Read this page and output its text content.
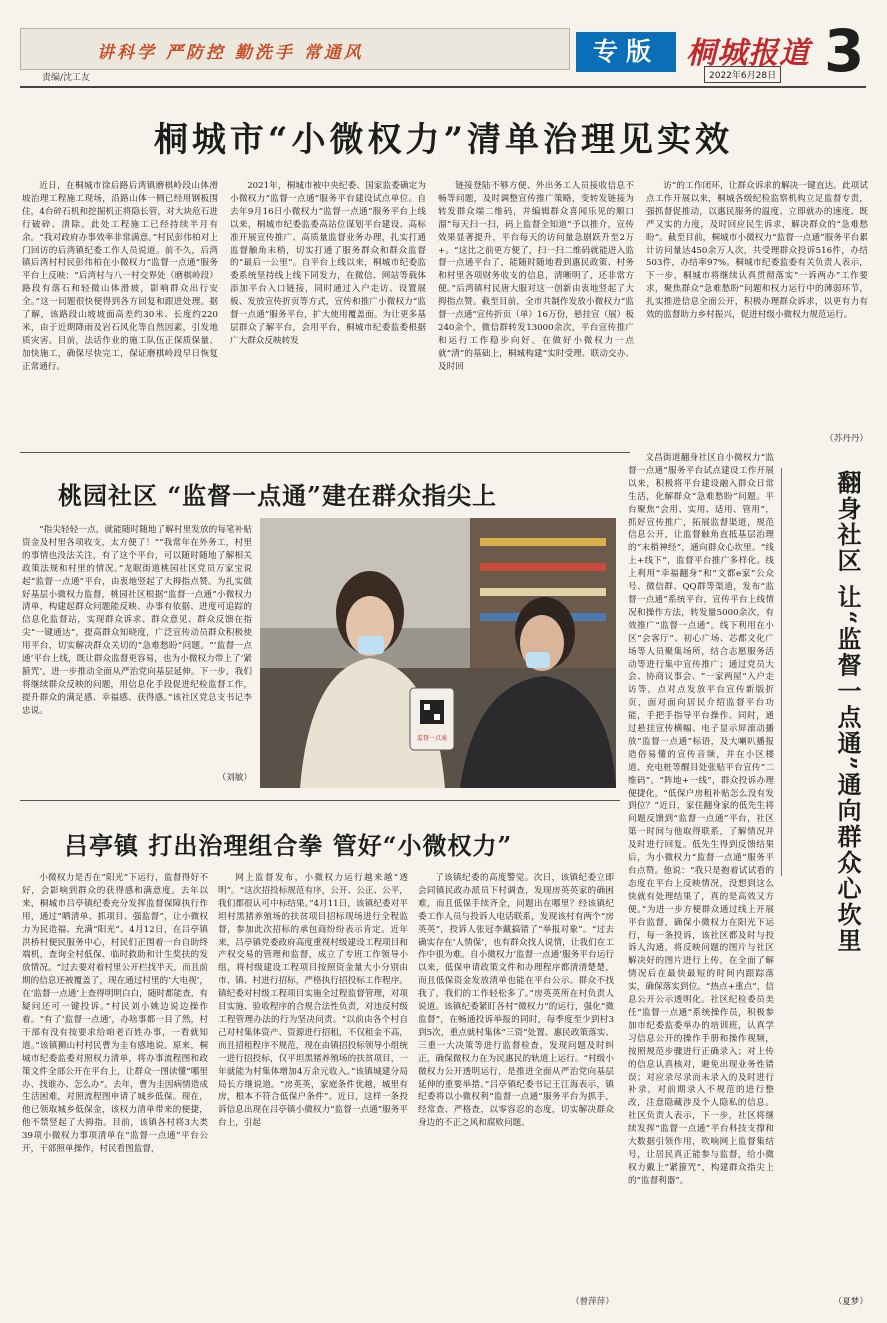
讲科学 严防控 勤洗手 常通风
责编/沈工友
专版 桐城报道
2022年6月28日 3
桐城市“小微权力”清单治理见实效
近日，在桐城市徐后路后湾镇磨棋岭段山体滑坡治理工程施工现场，沿路山体一侧已经用钢板围住，4台碎石机和挖掘机正将隐长管，对大块危石进行破碎、清除。此处工程施工已经持续半月有余。“我对政府办事效率非常满意。”村民彭伟柏对上门回访的后湾镇纪委工作人员说道。前不久，后湾镇后湾村村民彭伟柏在小微权力“监督一点通”服务平台上反映：“后湾村与八一村交界处（磨棋岭段）路段有落石和轻微山体滑坡，影响群众出行安全。”这一问题很快便得到各方回复和跟进处理。据了解，该路段山坡坡面高差约30米、长度约220米，由于近期降雨及岩石风化等自然因素，引发地质灾害。目前，法话作业的施工队伍正保质保量、加快施工，确保尽快完工，保证磨棋岭段早日恢复正常通行。
2021年，桐城市被中央纪委、国家监委确定为小微权力“监督一点通”服务平台建设试点单位。自去年9月16日小微权力“监督一点通”服务平台上线以来，桐城市纪委监委高站位谋划平台建设、高标准开展宣传推广、高质量监督业务办理，扎实打通监督触角末梢，切实打通了服务群众和群众监督的“最后一公里”。自平台上线以来，桐城市纪委监委系统坚持线上线下同发力，在微信、网站等载体添加平台入口链接，同时通过入户走访、设置展板、发放宣传折页等方式，宣传和推广小微权力“监督一点通”服务平台，扩大使用覆盖面。为让更多基层群众了解平台，会用平台，桐城市纪委监委根据广大群众反映转发
链接登陆不够方便、外出务工人员接收信息不畅等问题，及时调整宣传推广策略，变转发链接为转发群众端二维码，并编辑群众喜闻乐见的顺口溜“每天扫一扫，码上监督全知道”予以推介，宣传效果显著提升，平台每天的访问量急剧跃升至2万+。“这比之前更方便了，扫一扫二维码就能进入监督一点通平台了，能随时随地看到惠民政策、村务和村里各项财务收支的信息，清晰明了，还非常方便。”后湾镇村民唐大服对这一创新由衷地竖起了大拇指点赞。截至目前，全市共制作发放小微权力“监督一点通”宣传折页（单）16万份，悬挂宣（展）板240余个，微信群转发13000余次，平台宣传推广和运行工作稳步向好。在做好小微权力一点就“清”的基础上，桐城构建“实时受理、联动交办、及时回
访”的工作闭环，让群众诉求的解决一键直达。此项试点工作开展以来，桐城各级纪检监察机构立足监督专责，强抓督促推动，以惠民服务的温度、立即就办的速度、既严又实的力度，及时回应民生诉求，解决群众的“急难愁盼”。截至目前，桐城市小微权力“监督一点通”服务平台累计访问量达450余万人次，共受理群众投诉516件，办结503件，办结率97%。桐城市纪委监委有关负责人表示，下一步，桐城市将继续认真贯彻落实“一诉两办”工作要求，聚焦群众“急难愁盼”问题和权力运行中的薄弱环节，扎实推进信息全面公开，积极办理群众诉求，以更有力有效的监督助力乡村振兴，促进村级小微权力规范运行。
（苏丹丹）
桃园社区 “监督一点通”建在群众指尖上
“指尖轻轻一点，就能随时随地了解村里发放的每笔补贴资金及村里各项收支，太方便了！”“我常年在外务工，村里的事情也没法关注，有了这个平台，可以随时随地了解相关政策法规和村里的情况。”龙眠街道桃园社区党员万家宝说起“监督一点通”平台，由衷地竖起了大拇指点赞。为扎实做好基层小微权力监督，桃园社区根据“监督一点通”小微权力清单，构建起群众问题能反映、办事有依据、进度可追踪的信息化监督站，实现群众诉求、群众意见、群众反馈在指尖“一键通达”，提高群众知晓度，广泛宣传动员群众积极使用平台，切实解决群众关切的“急难愁盼”问题。“‘监督一点通’平台上线，既让群众监督更容易，也为小微权力带上了‘紧箍咒’，进一步推动全面从严治党向基层延伸。下一步，我们将继续群众反映的问题，用信息化手段促进纪检监督工作，提升群众的满足感、幸福感、获得感。”该社区党总支书记李忠说。
（刘敏）
监督一点通
文昌街道翻身社区自小微权力“监督一点通”服务平台试点建设工作开展以来，积极将平台建设融入群众日常生活，化解群众“急难愁盼”问题。平台聚焦“会用、实用、适用、管用”，抓好宣传推广，拓展监督渠道，规范信息公开，让监督触角直抵基层治理的“末梢神经”，通向群众心坎里。“线上+线下”，监督平台推广多样化。线上利用“幸福翻身”和“文都e家”公众号、微信群、QQ群等渠道，发布“监督一点通”系统平台，宣传平台上线情况和操作方法，转发量5000余次，有效推广“监督一点通”。线下利用在小区“会客厅”、初心广场、芯都文化广场等人员聚集场所，结合志愿服务活动等进行集中宣传推广；通过党员大会、协商议事会、“一家两屋”入户走访等，点对点发放平台宣传新版折页，面对面向居民介绍监督平台功能，手把手指导平台操作。同时，通过悬挂宣传横幅、电子显示屏滚动播放“监督一点通”标语，及大喇叭播报造俗易懂的宣传音频，并在小区楼道、充电桩等醒目处张贴平台宣传“二维码”。“阵地+一线”，群众投诉办理便捷化。“低保户房租补贴怎么没有发到位？”近日，家住翻身家的低先生将问题反馈到“监督一点通”平台，社区第一时间与他取得联系，了解情况并及时进行回复。低先生得到反馈结果后，为小微权力“监督一点通”服务平台点赞。他说：“我只是抱着试试看的态度在平台上反映情况，没想到这么快就有处理结果了，真的是高效又方便。”为进一步方便群众通过线上开展平台监督，确保小微权力在阳光下运行，每一条投诉，该社区都及时与投诉人沟通，将反映问题的图片与社区解决好的图片进行上传，在全面了解情况后在最快最短的时间内跟踪落实，确保落实到位。“热点+重点”，信息公开公示透明化。社区纪检委员美任“监督一点通”系统操作员，积极参加市纪委监委举办的培训班，认真学习信息公开的操作手册和操作视频，按照规范步骤进行正确录入；对上传的信息认真核对，避免出现业务性错误；对应录尽录而未录入的及时进行补录，对前期录入不规范的进行整改，注意隐藏涉及个人隐私的信息。社区负责人表示，下一步，社区将继续发挥“监督一点通”平台科技支撑和大数据引领作用，吹响网上监督集结号，让居民真正能参与监督，给小微权力戴上“紧箍咒”，构建群众指尖上的“监督利器”。
翻身社区 让“监督一点通”通向群众心坎里
吕亭镇 打出治理组合拳 管好“小微权力”
小微权力是否在“阳光”下运行，监督得好不好，会影响到群众的获得感和满意度。去年以来，桐城市吕亭镇纪委充分发挥监督保障执行作用，通过“晒清单、抓项目、强监督”，让小微权力为民造福、充满“阳光”。4月12日，在吕亭镇洪桥村便民服务中心，村民们正围着一台自助终端机，查询全村低保、临时救助和计生奖扶的发放情况。“过去要对着村里公开栏找半天，而且前期的信息还被覆盖了，现在通过村里的‘大电视’，在‘监督一点通’上查得明明白白，随时都能查，有疑问还可一键投诉。”村民刘小姚边说边操作着。“有了‘监督一点通’，办啥事都一目了然，村干部有没有按要求给咱老百姓办事，一看就知道。”该镇狮山村村民曹为圭有感地说。原来，桐城市纪委监委对照权力清单，将办事流程图和政策文件全部公开在平台上，让群众一图读懂“哪里办、找谁办、怎么办”。去年，曹为圭因病情造成生活困难，对照流程图申请了城乡低保。现在，他已领取城乡低保金，该权力清单带来的便捷，他不禁竖起了大拇指。目前，该镇各村将3大类39项小微权力事项清单在“监督一点通”平台公开，干部照单操作，村民看图监督，
网上监督发布，小微权力运行越来越“透明”。“这次招投标规范有序，公开、公正、公平，我们都很认可中标结果。”4月11日，该镇纪委对平坦村黑猪养殖场的扶贫项目招标现场进行全程监督，参加此次招标的承包商纷纷表示肯定。近年来，吕亭镇党委政府高度重视村级建设工程项目和产权交易的管理和监督，成立了专班工作领导小组，将村级建设工程项目按照资金量大小分别由市、镇、村进行招标，严格执行招投标工作程序。镇纪委对村级工程项目实施全过程监督管理，对项目实施、验收程序的合规合法性负责，对违反村级工程管理办法的行为坚决问责。“以前由各个村自己对村集体资产、资源进行招租，不仅租金不高，而且招租程序不规范，现在由镇招投标领导小组统一进行招投标，仅平坦黑猪养殖场的扶贫项目，一年就能为村集体增加4万余元收入。”该镇城建分局局长方继说道。“房英英，家庭条件优越，城里有房，根本不符合低保户条件”。近日，这样一条投诉信息出现在吕亭镇小微权力“监督一点通”服务平台上，引起
了该镇纪委的高度警觉。次日，该镇纪委立即会同镇民政办派员下村调查，发现房英英家的确困难，而且低保手续齐全，问题出在哪里？经该镇纪委工作人员与投诉人电话联系，发现该村有两个“房英英”，投诉人张冠李戴搞错了“举报对象”。“过去确实存在‘人情保’，也有群众找人说情，让我们在工作中很为难。自小微权力‘监督一点通’服务平台运行以来，低保申请政策文件和办理程序都清清楚楚，而且低保资金发放清单也能在平台公示。群众不找我了，我们的工作轻松多了。”房英英所在村负责人说道。该镇纪委紧盯各村“微权力”的运行，强化“微监督”，在畅通投诉举报的同时，每季度至少到村3到5次，重点就村集体“三资”处置、惠民政策落实、三重一大决策等进行监督检查，发现问题及时纠正，确保微权力在为民惠民的轨道上运行。“村级小微权力公开透明运行，是推进全面从严治党向基层延伸的重要举措。”吕亭镇纪委书记王江海表示，镇纪委将以小微权利“监督一点通”服务平台为抓手，经常查、严格查，以零容忍的态度，切实解决群众身边的不正之风和腐败问题。
（曾萍萍）	（夏梦）
